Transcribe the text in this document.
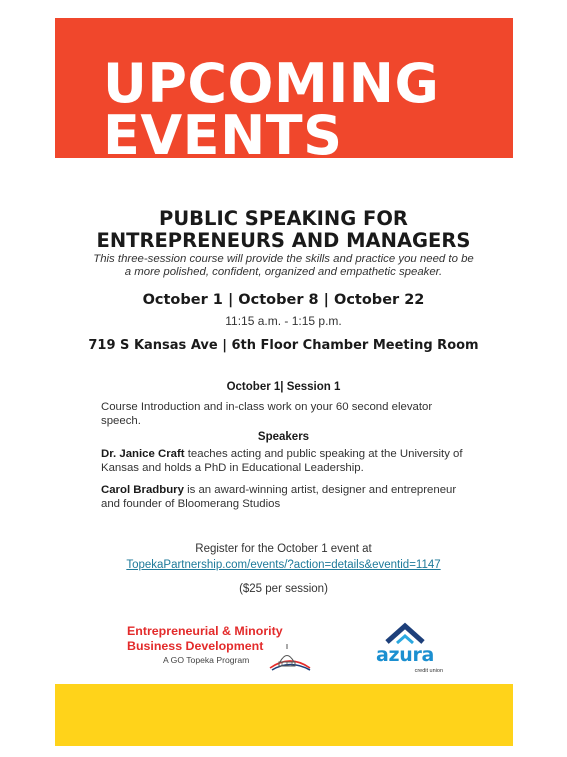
UPCOMING
EVENTS
PUBLIC SPEAKING FOR
ENTREPRENEURS AND MANAGERS
This three-session course will provide the skills and practice you need to be a more polished, confident, organized and empathetic speaker.
October 1 | October 8 | October 22
11:15 a.m. - 1:15 p.m.
719 S Kansas Ave | 6th Floor Chamber Meeting Room
October 1| Session 1
Course Introduction and in-class work on your 60 second elevator speech.
Speakers
Dr. Janice Craft teaches acting and public speaking at the University of Kansas and holds a PhD in Educational Leadership.
Carol Bradbury is an award-winning artist, designer and entrepreneur and founder of Bloomerang Studios
Register for the October 1 event at
TopekaPartnership.com/events/?action=details&eventid=1147
($25 per session)
Entrepreneurial & Minority
Business Development
A GO Topeka Program	azura
credit union
